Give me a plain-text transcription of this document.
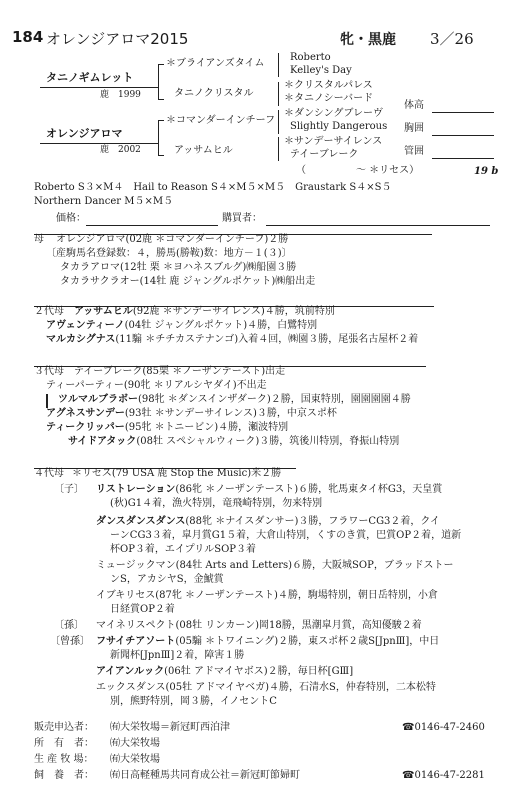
184 オレンジアロマ2015	牝・黒鹿 3／26
タニノギムレット
鹿　1999
オレンジアロマ
鹿　2002
＊ブライアンズタイム
タニノクリスタル
＊コマンダーインチーフ
アッサムヒル
Roberto
Kelley's Day
＊クリスタルパレス
＊タニノシーバード
＊ダンシングブレーヴ
Slightly Dangerous
＊サンデーサイレンス
テイーブレーク
（　　　　　〜 ＊リセス）	19 b
体高
胸囲
管囲
Roberto S３×M４　Hail to Reason S４×M５×M５　Graustark S４×S５
Northern Dancer M５×M５
価格：	購買者：
母 オレンジアロマ(02鹿 ＊コマンダーインチーフ)２勝
〔産駒馬名登録数：４，勝馬(勝鞍)数：地方－１(３)〕
タカラアロマ(12牡 栗 ＊ヨハネスブルグ)㈱船園３勝
タカラサクラオー(14牡 鹿 ジャングルポケット)㈱船出走
２代母 アッサムヒル(92鹿 ＊サンデーサイレンス)４勝，筑前特別
アヴェンティーノ(04牡 ジャングルポケット)４勝，白鷺特別
マルカシグナス(11騸 ＊チチカステナンゴ)入着４回，㈱園３勝，尾張名古屋杯２着
３代母 テイーブレーク(85栗 ＊ノーザンテースト)出走
ティーパーティー(90牝 ＊リアルシヤダイ)不出走
ツルマルブラボー(98牝 ＊ダンスインザダーク)２勝，国東特別，園園園園４勝
アグネスサンデー(93牡 ＊サンデーサイレンス)３勝，中京スポ杯
ティークリッパー(95牝 ＊トニービン)４勝，瀬波特別
サイドアタック(08牡 スペシャルウィーク)３勝，筑後川特別，脊振山特別
４代母 ＊リセス(79 USA 鹿 Stop the Music)米２勝
〔子〕 リストレーション(86牝 ＊ノーザンテースト)６勝，牝馬東タイ杯G3，天皇賞
(秋)G1４着，漁火特別，竜飛崎特別，勿来特別
ダンスダンスダンス(88牝 ＊ナイスダンサー)３勝，フラワーCG3２着，クイ
ーンCG3３着，皐月賞G1５着，大倉山特別，くすのき賞，巴賞OP２着，道新
杯OP３着，エイプリルSOP３着
ミュージックマン(84牡 Arts and Letters)６勝，大阪城SOP，ブラッドストー
ンS，アカシヤS，金鯱賞
イブキリセス(87牝 ＊ノーザンテースト)４勝，駒場特別，朝日岳特別，小倉
日経賞OP２着
〔孫〕 マイネリスペクト(08牡 リンカーン)岡18勝，黒潮皐月賞，高知優駿２着
〔曾孫〕 フサイチアソート(05騸 ＊トワイニング)２勝，東スポ杯２歳S[JpnⅢ]，中日
新聞杯[JpnⅢ]２着，障害１勝
アイアンルック(06牡 アドマイヤボス)２勝，毎日杯[GⅢ]
エックスダンス(05牡 アドマイヤベガ)４勝，石清水S，仲春特別，二本松特
別，熊野特別，岡３勝，イノセントC
販売申込者： ㈲大栄牧場＝新冠町西泊津	☎0146-47-2460
所　有　者： ㈲大栄牧場
生 産 牧 場： ㈲大栄牧場
飼　養　者： ㈲日高軽種馬共同育成公社＝新冠町節婦町	☎0146-47-2281
